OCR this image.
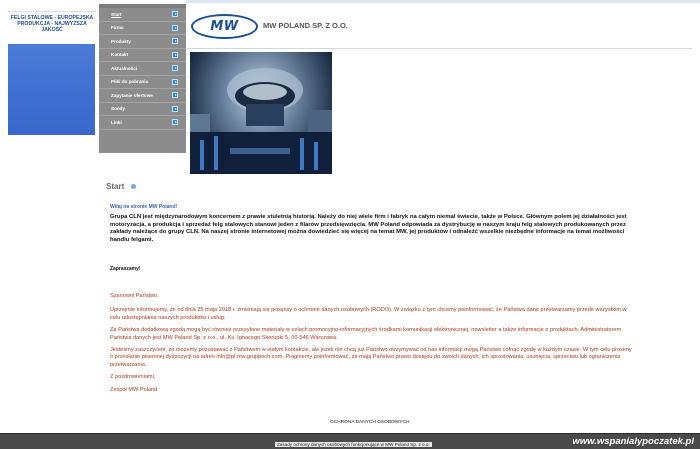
FELGI STALOWE - EUROPEJSKA
PRODUKCJA - NAJWYŻSZA JAKOŚĆ
Start
Firma
Produkty
Kontakt
Aktualności
Pliki do pobrania
Zapytanie ofertowe
Sondy
Linki
MW	MW POLAND SP. Z O.O.
Start
Witaj na stronie MW Poland!
Grupa CLN jest międzynarodowym koncernem z prawie stuletnią historią. Należy do niej wiele firm i fabryk na całym niemal świecie, także w Polsce. Głównym polem jej działalności jest motoryzacja, a produkcja i sprzedaż felg stalowych stanowi jeden z filarów przedsięwzięcia. MW Poland odpowiada za dystrybucję w naszym kraju felg stalowych produkowanych przez zakłady należące do grupy CLN. Na naszej stronie internetowej można dowiedzieć się więcej na temat MW, jej produktów i odnaleźć wszelkie niezbędne informacje na temat możliwości handlu felgami.
Zapraszamy!

Szanowni Państwo,

Uprzejmie informujemy, że od dnia 25 maja 2018 r. zmieniają się przepisy o ochronie danych osobowych (RODO). W związku z tym chcemy poinformować, że Państwa dane przetwarzamy przede wszystkim w celu udostępniania naszych produktów i usług.

Za Państwa dodatkową zgodą mogą być również przesyłane materiały w celach promocyjno-informacyjnych środkami komunikacji elektronicznej, newsletter a także informacje o produktach. Administratorem Państwa danych jest MW Poland Sp. z o.o., ul. Ks. Ignacego Skorupki 5, 00-546 Warszawa.

Jesteśmy zaszczyceni, że możemy pozostawać z Państwem w stałym kontakcie, ale jeżeli nie chcą już Państwo otrzymywać od nas informacji mogą Państwo cofnąć zgodę w każdym czasie. W tym celu prosimy o przesłanie pisemnej dyspozycji na adres info@pl.mw.gruppoch.com. Pragniemy poinformować, że mają Państwo prawo dostępu do swoich danych, ich sprostowania, usunięcia, sprzeciwu lub ograniczenia przetwarzania.

Z pozdrowieniami,

Zespół MW Poland

OCHRONA DANYCH OSOBOWYCH
Zasady ochrony danych osobowych funkcjonujące w MW Poland Sp. z o.o.	www.wspanialypoczatek.pl
